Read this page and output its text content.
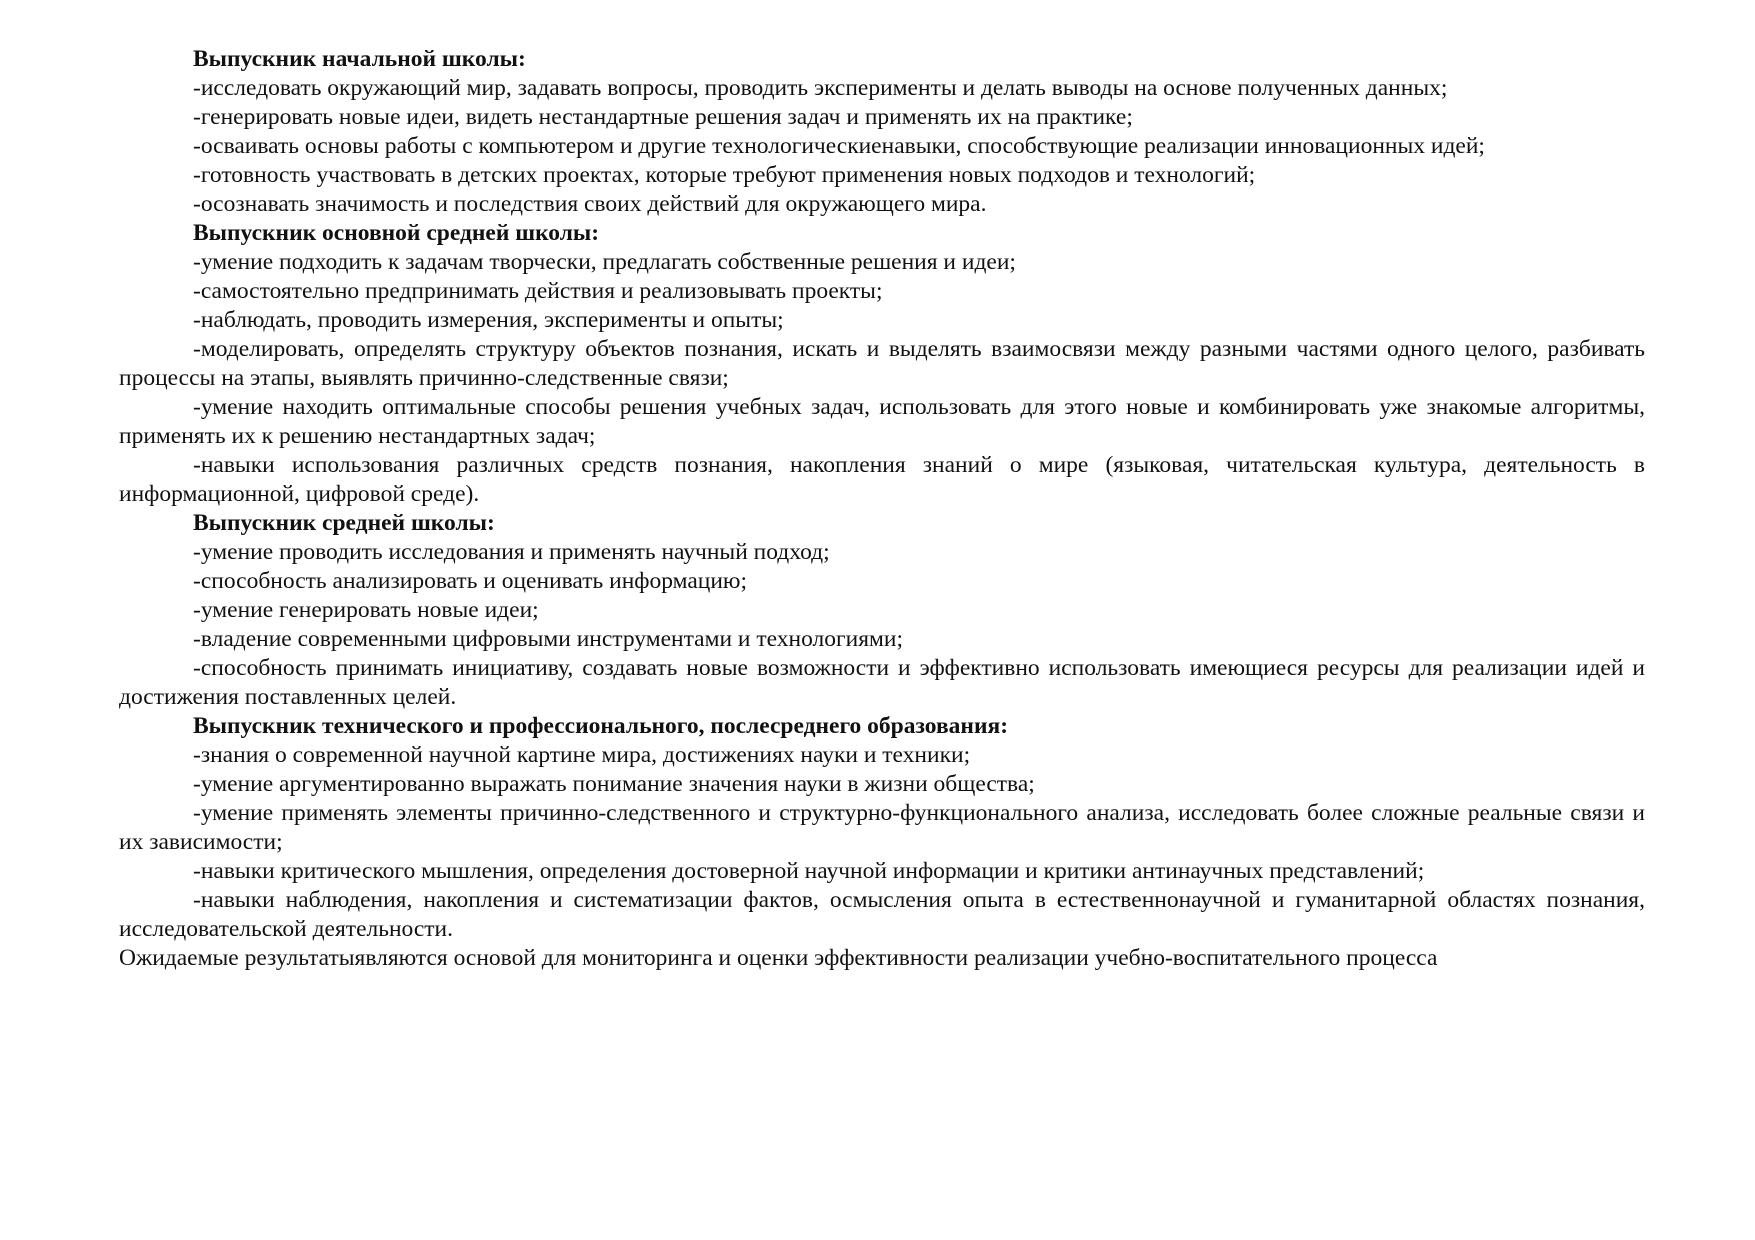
Выпускник начальной школы:

-исследовать окружающий мир, задавать вопросы, проводить эксперименты и делать выводы на основе полученных данных;

-генерировать новые идеи, видеть нестандартные решения задач и применять их на практике;

-осваивать основы работы с компьютером и другие технологическиенавыки, способствующие реализации инновационных идей;

-готовность участвовать в детских проектах, которые требуют применения новых подходов и технологий;

-осознавать значимость и последствия своих действий для окружающего мира.

Выпускник основной средней школы:

-умение подходить к задачам творчески, предлагать собственные решения и идеи;

-самостоятельно предпринимать действия и реализовывать проекты;

-наблюдать, проводить измерения, эксперименты и опыты;

-моделировать, определять структуру объектов познания, искать и выделять взаимосвязи между разными частями одного целого, разбивать процессы на этапы, выявлять причинно-следственные связи;

-умение находить оптимальные способы решения учебных задач, использовать для этого новые и комбинировать уже знакомые алгоритмы, применять их к решению нестандартных задач;

-навыки использования различных средств познания, накопления знаний о мире (языковая, читательская культура, деятельность в информационной, цифровой среде).

Выпускник средней школы:

-умение проводить исследования и применять научный подход;

-способность анализировать и оценивать информацию;

-умение генерировать новые идеи;

-владение современными цифровыми инструментами и технологиями;

-способность принимать инициативу, создавать новые возможности и эффективно использовать имеющиеся ресурсы для реализации идей и достижения поставленных целей.

Выпускник технического и профессионального, послесреднего образования:

-знания о современной научной картине мира, достижениях науки и техники;

-умение аргументированно выражать понимание значения науки в жизни общества;

-умение применять элементы причинно-следственного и структурно-функционального анализа, исследовать более сложные реальные связи и их зависимости;

-навыки критического мышления, определения достоверной научной информации и критики антинаучных представлений;

-навыки наблюдения, накопления и систематизации фактов, осмысления опыта в естественнонаучной и гуманитарной областях познания, исследовательской деятельности.

Ожидаемые результатыявляются основой для мониторинга и оценки эффективности реализации учебно-воспитательного процесса
